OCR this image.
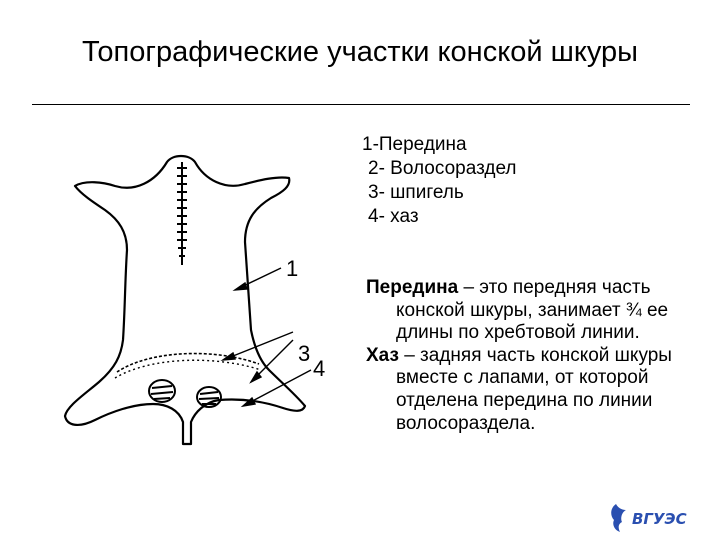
Топографические участки конской шкуры
1
3
4
1-Передина
2- Волосораздел
3- шпигель
4- хаз

Передина – это передняя часть конской шкуры, занимает ¾ ее длины по хребтовой линии.

Хаз – задняя часть конской шкуры вместе с лапами, от которой отделена передина по линии волосораздела.

ВГУЭС
